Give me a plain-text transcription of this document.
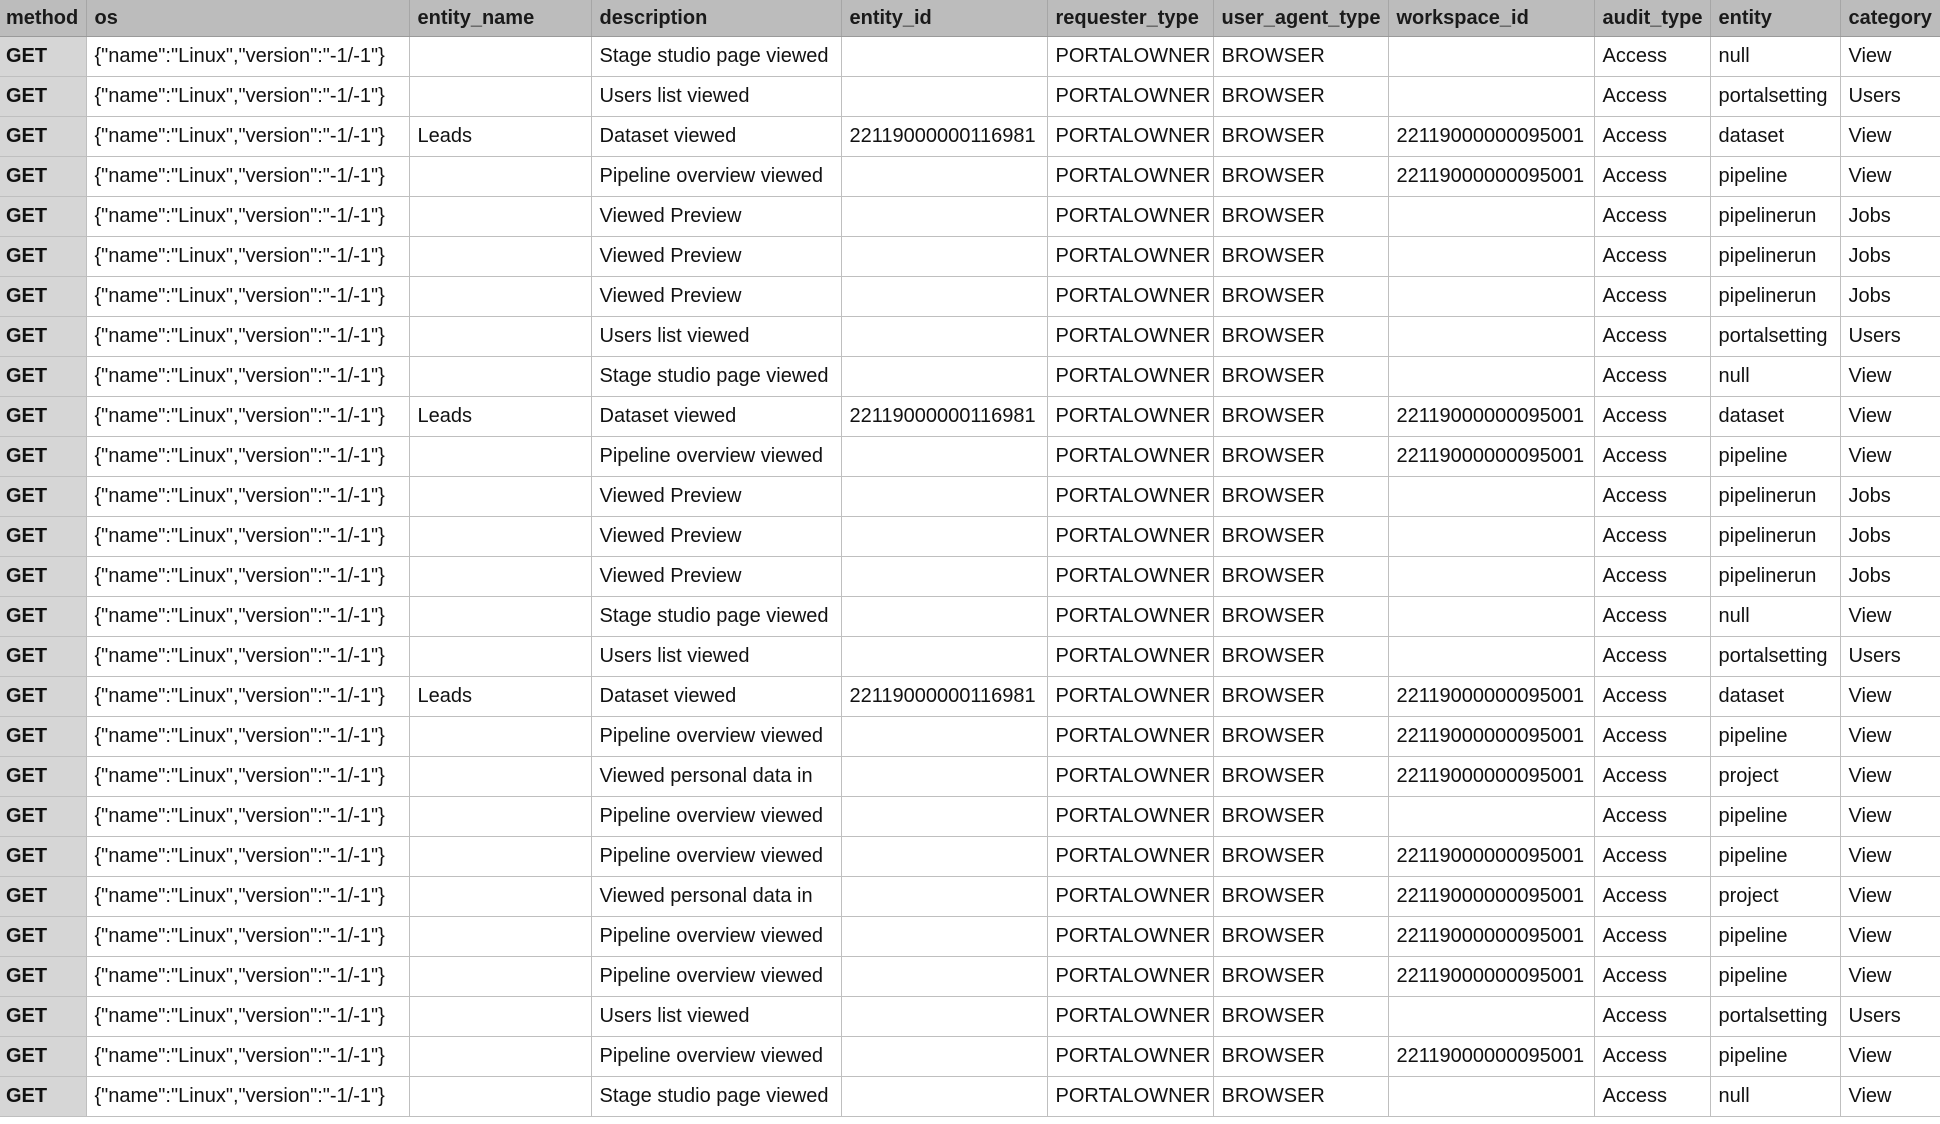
method	os	entity_name	description	entity_id	requester_type	user_agent_type	workspace_id	audit_type	entity	category
GET	{"name":"Linux","version":"-1/-1"}		Stage studio page viewed		PORTALOWNER	BROWSER		Access	null	View
GET	{"name":"Linux","version":"-1/-1"}		Users list viewed		PORTALOWNER	BROWSER		Access	portalsetting	Users
GET	{"name":"Linux","version":"-1/-1"}	Leads	Dataset viewed	22119000000116981	PORTALOWNER	BROWSER	22119000000095001	Access	dataset	View
GET	{"name":"Linux","version":"-1/-1"}		Pipeline overview viewed		PORTALOWNER	BROWSER	22119000000095001	Access	pipeline	View
GET	{"name":"Linux","version":"-1/-1"}		Viewed Preview		PORTALOWNER	BROWSER		Access	pipelinerun	Jobs
GET	{"name":"Linux","version":"-1/-1"}		Viewed Preview		PORTALOWNER	BROWSER		Access	pipelinerun	Jobs
GET	{"name":"Linux","version":"-1/-1"}		Viewed Preview		PORTALOWNER	BROWSER		Access	pipelinerun	Jobs
GET	{"name":"Linux","version":"-1/-1"}		Users list viewed		PORTALOWNER	BROWSER		Access	portalsetting	Users
GET	{"name":"Linux","version":"-1/-1"}		Stage studio page viewed		PORTALOWNER	BROWSER		Access	null	View
GET	{"name":"Linux","version":"-1/-1"}	Leads	Dataset viewed	22119000000116981	PORTALOWNER	BROWSER	22119000000095001	Access	dataset	View
GET	{"name":"Linux","version":"-1/-1"}		Pipeline overview viewed		PORTALOWNER	BROWSER	22119000000095001	Access	pipeline	View
GET	{"name":"Linux","version":"-1/-1"}		Viewed Preview		PORTALOWNER	BROWSER		Access	pipelinerun	Jobs
GET	{"name":"Linux","version":"-1/-1"}		Viewed Preview		PORTALOWNER	BROWSER		Access	pipelinerun	Jobs
GET	{"name":"Linux","version":"-1/-1"}		Viewed Preview		PORTALOWNER	BROWSER		Access	pipelinerun	Jobs
GET	{"name":"Linux","version":"-1/-1"}		Stage studio page viewed		PORTALOWNER	BROWSER		Access	null	View
GET	{"name":"Linux","version":"-1/-1"}		Users list viewed		PORTALOWNER	BROWSER		Access	portalsetting	Users
GET	{"name":"Linux","version":"-1/-1"}	Leads	Dataset viewed	22119000000116981	PORTALOWNER	BROWSER	22119000000095001	Access	dataset	View
GET	{"name":"Linux","version":"-1/-1"}		Pipeline overview viewed		PORTALOWNER	BROWSER	22119000000095001	Access	pipeline	View
GET	{"name":"Linux","version":"-1/-1"}		Viewed personal data in		PORTALOWNER	BROWSER	22119000000095001	Access	project	View
GET	{"name":"Linux","version":"-1/-1"}		Pipeline overview viewed		PORTALOWNER	BROWSER		Access	pipeline	View
GET	{"name":"Linux","version":"-1/-1"}		Pipeline overview viewed		PORTALOWNER	BROWSER	22119000000095001	Access	pipeline	View
GET	{"name":"Linux","version":"-1/-1"}		Viewed personal data in		PORTALOWNER	BROWSER	22119000000095001	Access	project	View
GET	{"name":"Linux","version":"-1/-1"}		Pipeline overview viewed		PORTALOWNER	BROWSER	22119000000095001	Access	pipeline	View
GET	{"name":"Linux","version":"-1/-1"}		Pipeline overview viewed		PORTALOWNER	BROWSER	22119000000095001	Access	pipeline	View
GET	{"name":"Linux","version":"-1/-1"}		Users list viewed		PORTALOWNER	BROWSER		Access	portalsetting	Users
GET	{"name":"Linux","version":"-1/-1"}		Pipeline overview viewed		PORTALOWNER	BROWSER	22119000000095001	Access	pipeline	View
GET	{"name":"Linux","version":"-1/-1"}		Stage studio page viewed		PORTALOWNER	BROWSER		Access	null	View
